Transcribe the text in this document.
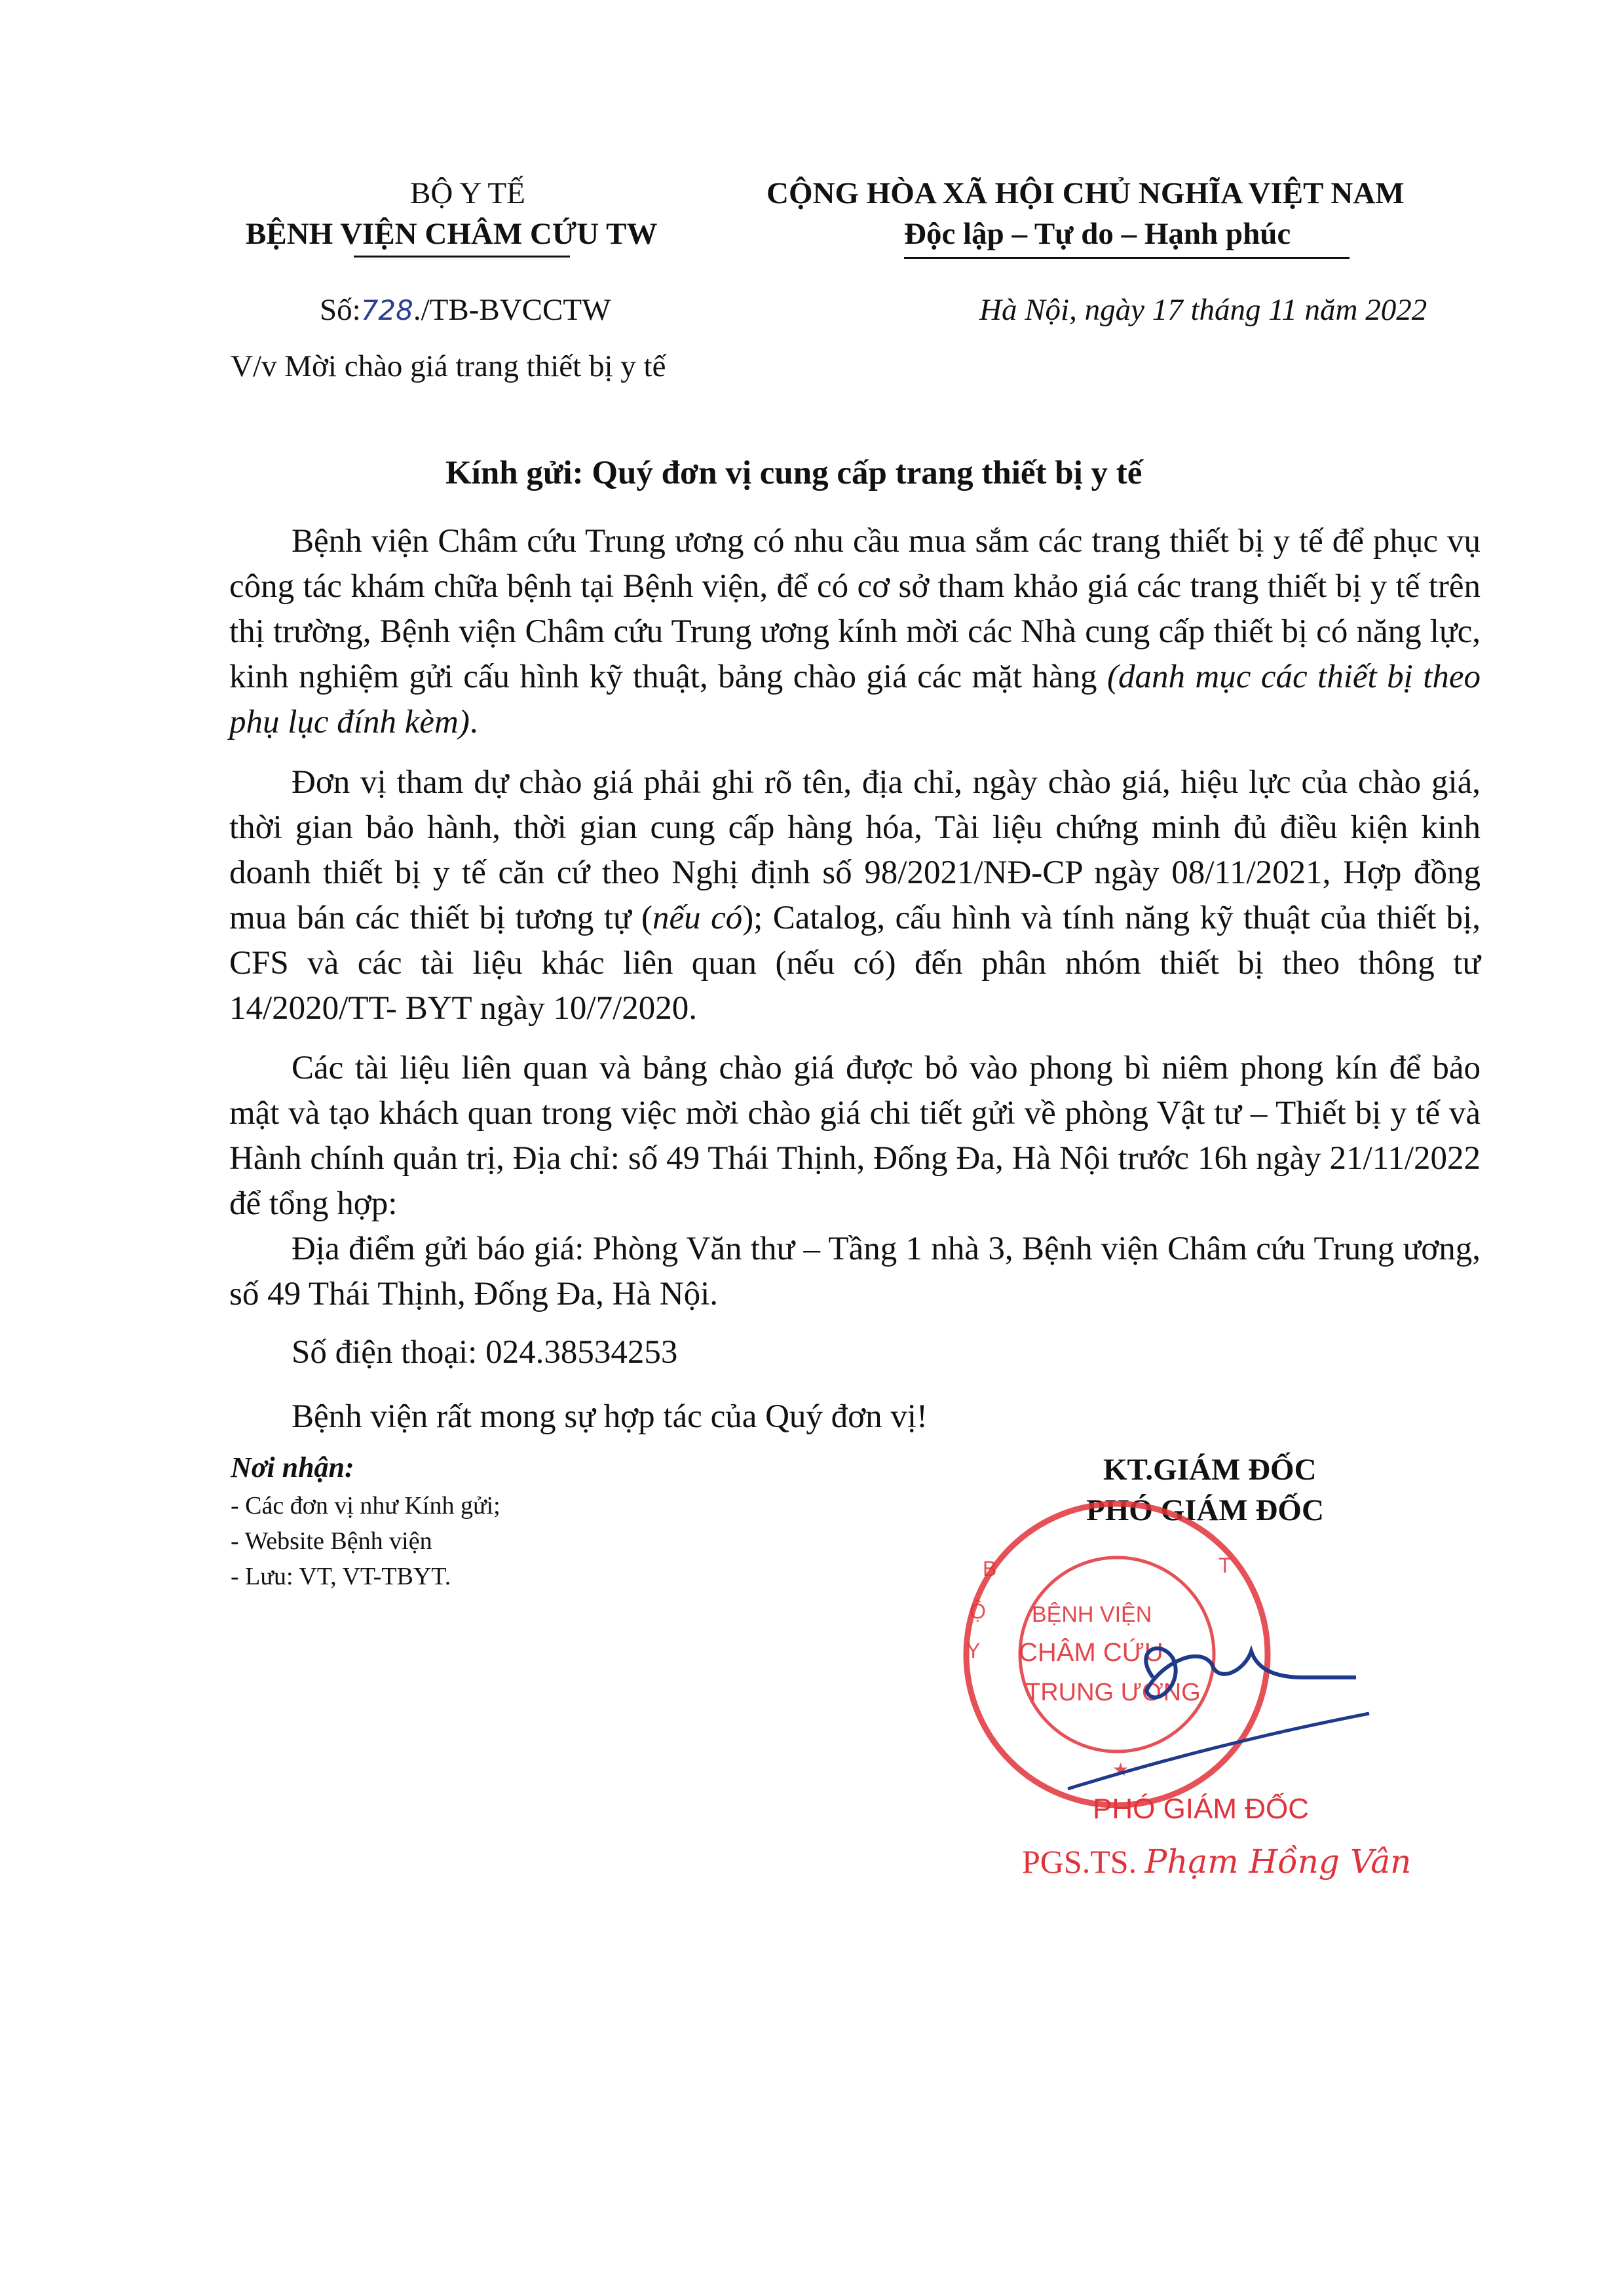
BỘ Y TẾ
BỆNH VIỆN CHÂM CỨU TW
CỘNG HÒA XÃ HỘI CHỦ NGHĨA VIỆT NAM
Độc lập – Tự do – Hạnh phúc
Số:728./TB-BVCCTW	Hà Nội, ngày 17 tháng 11 năm 2022
V/v Mời chào giá trang thiết bị y tế
Kính gửi: Quý đơn vị cung cấp trang thiết bị y tế
Bệnh viện Châm cứu Trung ương có nhu cầu mua sắm các trang thiết bị y tế để phục vụ công tác khám chữa bệnh tại Bệnh viện, để có cơ sở tham khảo giá các trang thiết bị y tế trên thị trường, Bệnh viện Châm cứu Trung ương kính mời các Nhà cung cấp thiết bị có năng lực, kinh nghiệm gửi cấu hình kỹ thuật, bảng chào giá các mặt hàng (danh mục các thiết bị theo phụ lục đính kèm).
Đơn vị tham dự chào giá phải ghi rõ tên, địa chỉ, ngày chào giá, hiệu lực của chào giá, thời gian bảo hành, thời gian cung cấp hàng hóa, Tài liệu chứng minh đủ điều kiện kinh doanh thiết bị y tế căn cứ theo Nghị định số 98/2021/NĐ-CP ngày 08/11/2021, Hợp đồng mua bán các thiết bị tương tự (nếu có); Catalog, cấu hình và tính năng kỹ thuật của thiết bị, CFS và các tài liệu khác liên quan (nếu có) đến phân nhóm thiết bị theo thông tư 14/2020/TT- BYT ngày 10/7/2020.
Các tài liệu liên quan và bảng chào giá được bỏ vào phong bì niêm phong kín để bảo mật và tạo khách quan trong việc mời chào giá chi tiết gửi về phòng Vật tư – Thiết bị y tế và Hành chính quản trị, Địa chỉ: số 49 Thái Thịnh, Đống Đa, Hà Nội trước 16h ngày 21/11/2022 để tổng hợp:
Địa điểm gửi báo giá: Phòng Văn thư – Tầng 1 nhà 3, Bệnh viện Châm cứu Trung ương, số 49 Thái Thịnh, Đống Đa, Hà Nội.
Số điện thoại: 024.38534253
Bệnh viện rất mong sự hợp tác của Quý đơn vị!
Nơi nhận:
- Các đơn vị như Kính gửi;
- Website Bệnh viện
- Lưu: VT, VT-TBYT.
KT.GIÁM ĐỐC
PHÓ GIÁM ĐỐC
BỆNH VIỆN
CHÂM CỨU
TRUNG ƯƠNG
Ộ
B
Y
T
★
PHÓ GIÁM ĐỐC
PGS.TS. Phạm Hồng Vân
